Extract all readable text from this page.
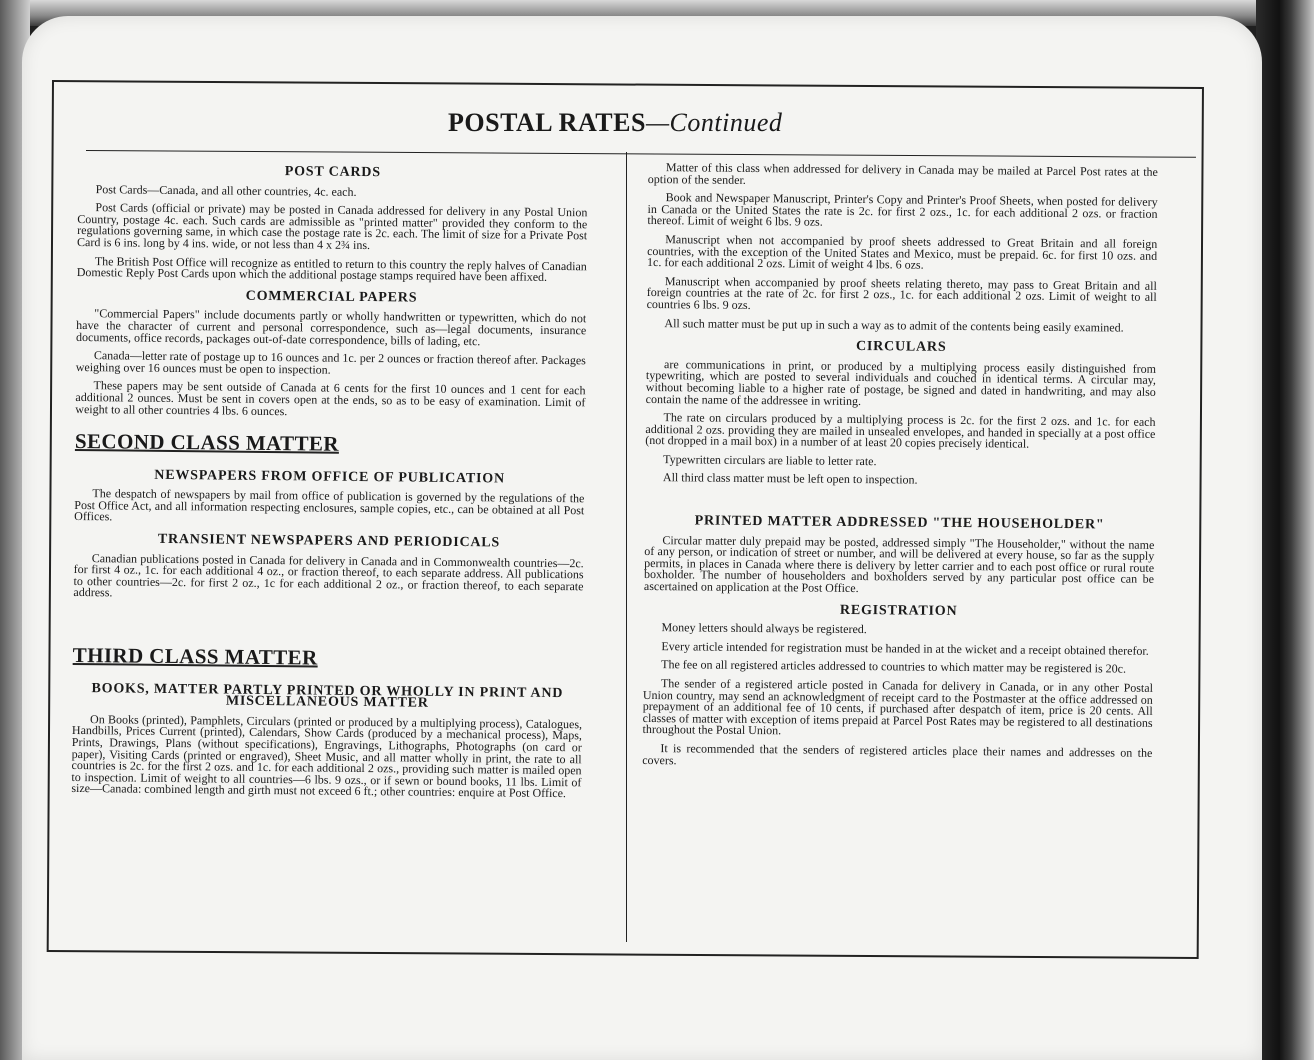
POSTAL RATES—Continued
POST CARDS

Post Cards—Canada, and all other countries, 4c. each.

Post Cards (official or private) may be posted in Canada addressed for delivery in any Postal Union Country, postage 4c. each. Such cards are admissible as "printed matter" provided they conform to the regulations governing same, in which case the postage rate is 2c. each. The limit of size for a Private Post Card is 6 ins. long by 4 ins. wide, or not less than 4 x 2¾ ins.

The British Post Office will recognize as entitled to return to this country the reply halves of Canadian Domestic Reply Post Cards upon which the additional postage stamps required have been affixed.

COMMERCIAL PAPERS

"Commercial Papers" include documents partly or wholly handwritten or typewritten, which do not have the character of current and personal correspondence, such as—legal documents, insurance documents, office records, packages out-of-date correspondence, bills of lading, etc.

Canada—letter rate of postage up to 16 ounces and 1c. per 2 ounces or fraction thereof after. Packages weighing over 16 ounces must be open to inspection.

These papers may be sent outside of Canada at 6 cents for the first 10 ounces and 1 cent for each additional 2 ounces. Must be sent in covers open at the ends, so as to be easy of examination. Limit of weight to all other countries 4 lbs. 6 ounces.

SECOND CLASS MATTER
NEWSPAPERS FROM OFFICE OF PUBLICATION

The despatch of newspapers by mail from office of publication is governed by the regulations of the Post Office Act, and all information respecting enclosures, sample copies, etc., can be obtained at all Post Offices.

TRANSIENT NEWSPAPERS AND PERIODICALS

Canadian publications posted in Canada for delivery in Canada and in Commonwealth countries—2c. for first 4 oz., 1c. for each additional 4 oz., or fraction thereof, to each separate address. All publications to other countries—2c. for first 2 oz., 1c for each additional 2 oz., or fraction thereof, to each separate address.

THIRD CLASS MATTER
BOOKS, MATTER PARTLY PRINTED OR WHOLLY IN PRINT AND MISCELLANEOUS MATTER

On Books (printed), Pamphlets, Circulars (printed or produced by a multiplying process), Catalogues, Handbills, Prices Current (printed), Calendars, Show Cards (produced by a mechanical process), Maps, Prints, Drawings, Plans (without specifications), Engravings, Lithographs, Photographs (on card or paper), Visiting Cards (printed or engraved), Sheet Music, and all matter wholly in print, the rate to all countries is 2c. for the first 2 ozs. and 1c. for each additional 2 ozs., providing such matter is mailed open to inspection. Limit of weight to all countries—6 lbs. 9 ozs., or if sewn or bound books, 11 lbs. Limit of size—Canada: combined length and girth must not exceed 6 ft.; other countries: enquire at Post Office.

Matter of this class when addressed for delivery in Canada may be mailed at Parcel Post rates at the option of the sender.

Book and Newspaper Manuscript, Printer's Copy and Printer's Proof Sheets, when posted for delivery in Canada or the United States the rate is 2c. for first 2 ozs., 1c. for each additional 2 ozs. or fraction thereof. Limit of weight 6 lbs. 9 ozs.

Manuscript when not accompanied by proof sheets addressed to Great Britain and all foreign countries, with the exception of the United States and Mexico, must be prepaid. 6c. for first 10 ozs. and 1c. for each additional 2 ozs. Limit of weight 4 lbs. 6 ozs.

Manuscript when accompanied by proof sheets relating thereto, may pass to Great Britain and all foreign countries at the rate of 2c. for first 2 ozs., 1c. for each additional 2 ozs. Limit of weight to all countries 6 lbs. 9 ozs.

All such matter must be put up in such a way as to admit of the contents being easily examined.

CIRCULARS

are communications in print, or produced by a multiplying process easily distinguished from typewriting, which are posted to several individuals and couched in identical terms. A circular may, without becoming liable to a higher rate of postage, be signed and dated in handwriting, and may also contain the name of the addressee in writing.

The rate on circulars produced by a multiplying process is 2c. for the first 2 ozs. and 1c. for each additional 2 ozs. providing they are mailed in unsealed envelopes, and handed in specially at a post office (not dropped in a mail box) in a number of at least 20 copies precisely identical.

Typewritten circulars are liable to letter rate.

All third class matter must be left open to inspection.

PRINTED MATTER ADDRESSED "THE HOUSEHOLDER"

Circular matter duly prepaid may be posted, addressed simply "The Householder," without the name of any person, or indication of street or number, and will be delivered at every house, so far as the supply permits, in places in Canada where there is delivery by letter carrier and to each post office or rural route boxholder. The number of householders and boxholders served by any particular post office can be ascertained on application at the Post Office.

REGISTRATION

Money letters should always be registered.

Every article intended for registration must be handed in at the wicket and a receipt obtained therefor.

The fee on all registered articles addressed to countries to which matter may be registered is 20c.

The sender of a registered article posted in Canada for delivery in Canada, or in any other Postal Union country, may send an acknowledgment of receipt card to the Postmaster at the office addressed on prepayment of an additional fee of 10 cents, if purchased after despatch of item, price is 20 cents. All classes of matter with exception of items prepaid at Parcel Post Rates may be registered to all destinations throughout the Postal Union.

It is recommended that the senders of registered articles place their names and addresses on the covers.
